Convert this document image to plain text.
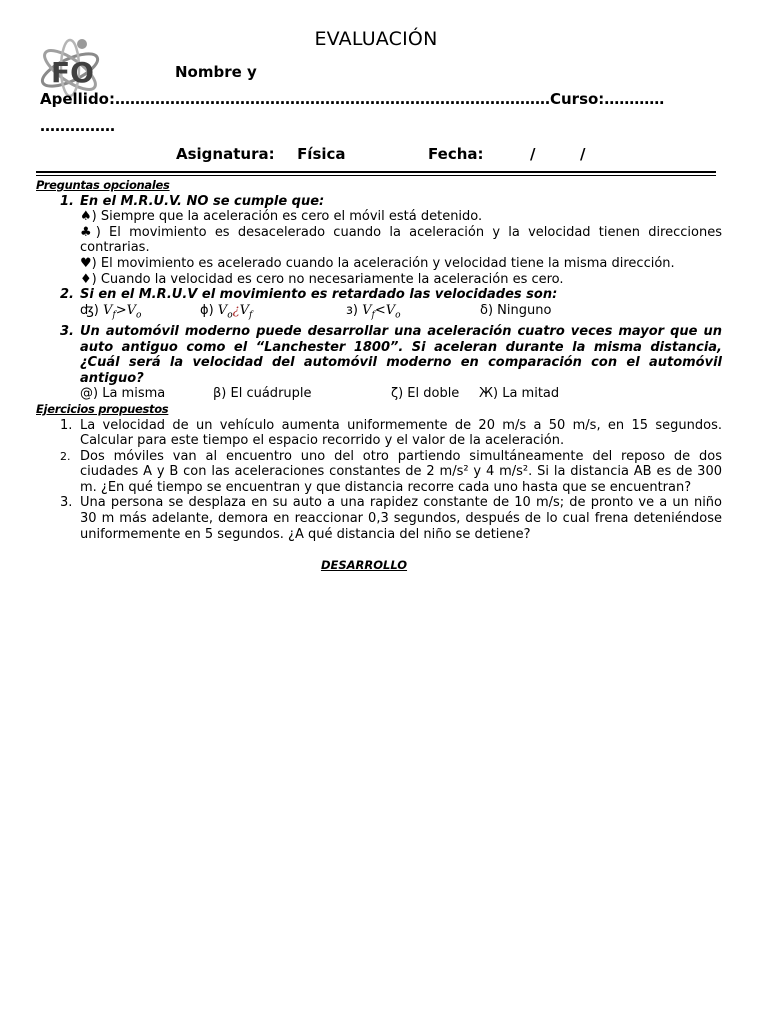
FO
EVALUACIÓN
Nombre y
Apellido:……………………………………………………………………………Curso:…………
……………
Asignatura: Física	Fecha:	/	/
Preguntas opcionales
1. En el M.R.U.V. NO se cumple que:
♠) Siempre que la aceleración es cero el móvil está detenido.
♣) El movimiento es desacelerado cuando la aceleración y la velocidad tienen direcciones contrarias.
♥) El movimiento es acelerado cuando la aceleración y velocidad tiene la misma dirección.
♦) Cuando la velocidad es cero no necesariamente la aceleración es cero.
2. Si en el M.R.U.V el movimiento es retardado las velocidades son:
ʤ) $V_f>V_o$	ɸ) $V_o¿V_f$	з) $V_f<V_o$	δ) Ninguno
3. Un automóvil moderno puede desarrollar una aceleración cuatro veces mayor que un auto antiguo como el “Lanchester 1800”. Si aceleran durante la misma distancia, ¿Cuál será la velocidad del automóvil moderno en comparación con el automóvil antiguo?
@) La misma	β) El cuádruple	ζ) El doble	Ж) La mitad
Ejercicios propuestos
1. La velocidad de un vehículo aumenta uniformemente de 20 m/s a 50 m/s, en 15 segundos. Calcular para este tiempo el espacio recorrido y el valor de la aceleración.
2. Dos móviles van al encuentro uno del otro partiendo simultáneamente del reposo de dos ciudades A y B con las aceleraciones constantes de 2 m/s² y 4 m/s². Si la distancia AB es de 300 m. ¿En qué tiempo se encuentran y que distancia recorre cada uno hasta que se encuentran?
3. Una persona se desplaza en su auto a una rapidez constante de 10 m/s; de pronto ve a un niño 30 m más adelante, demora en reaccionar 0,3 segundos, después de lo cual frena deteniéndose uniformemente en 5 segundos. ¿A qué distancia del niño se detiene?
DESARROLLO
